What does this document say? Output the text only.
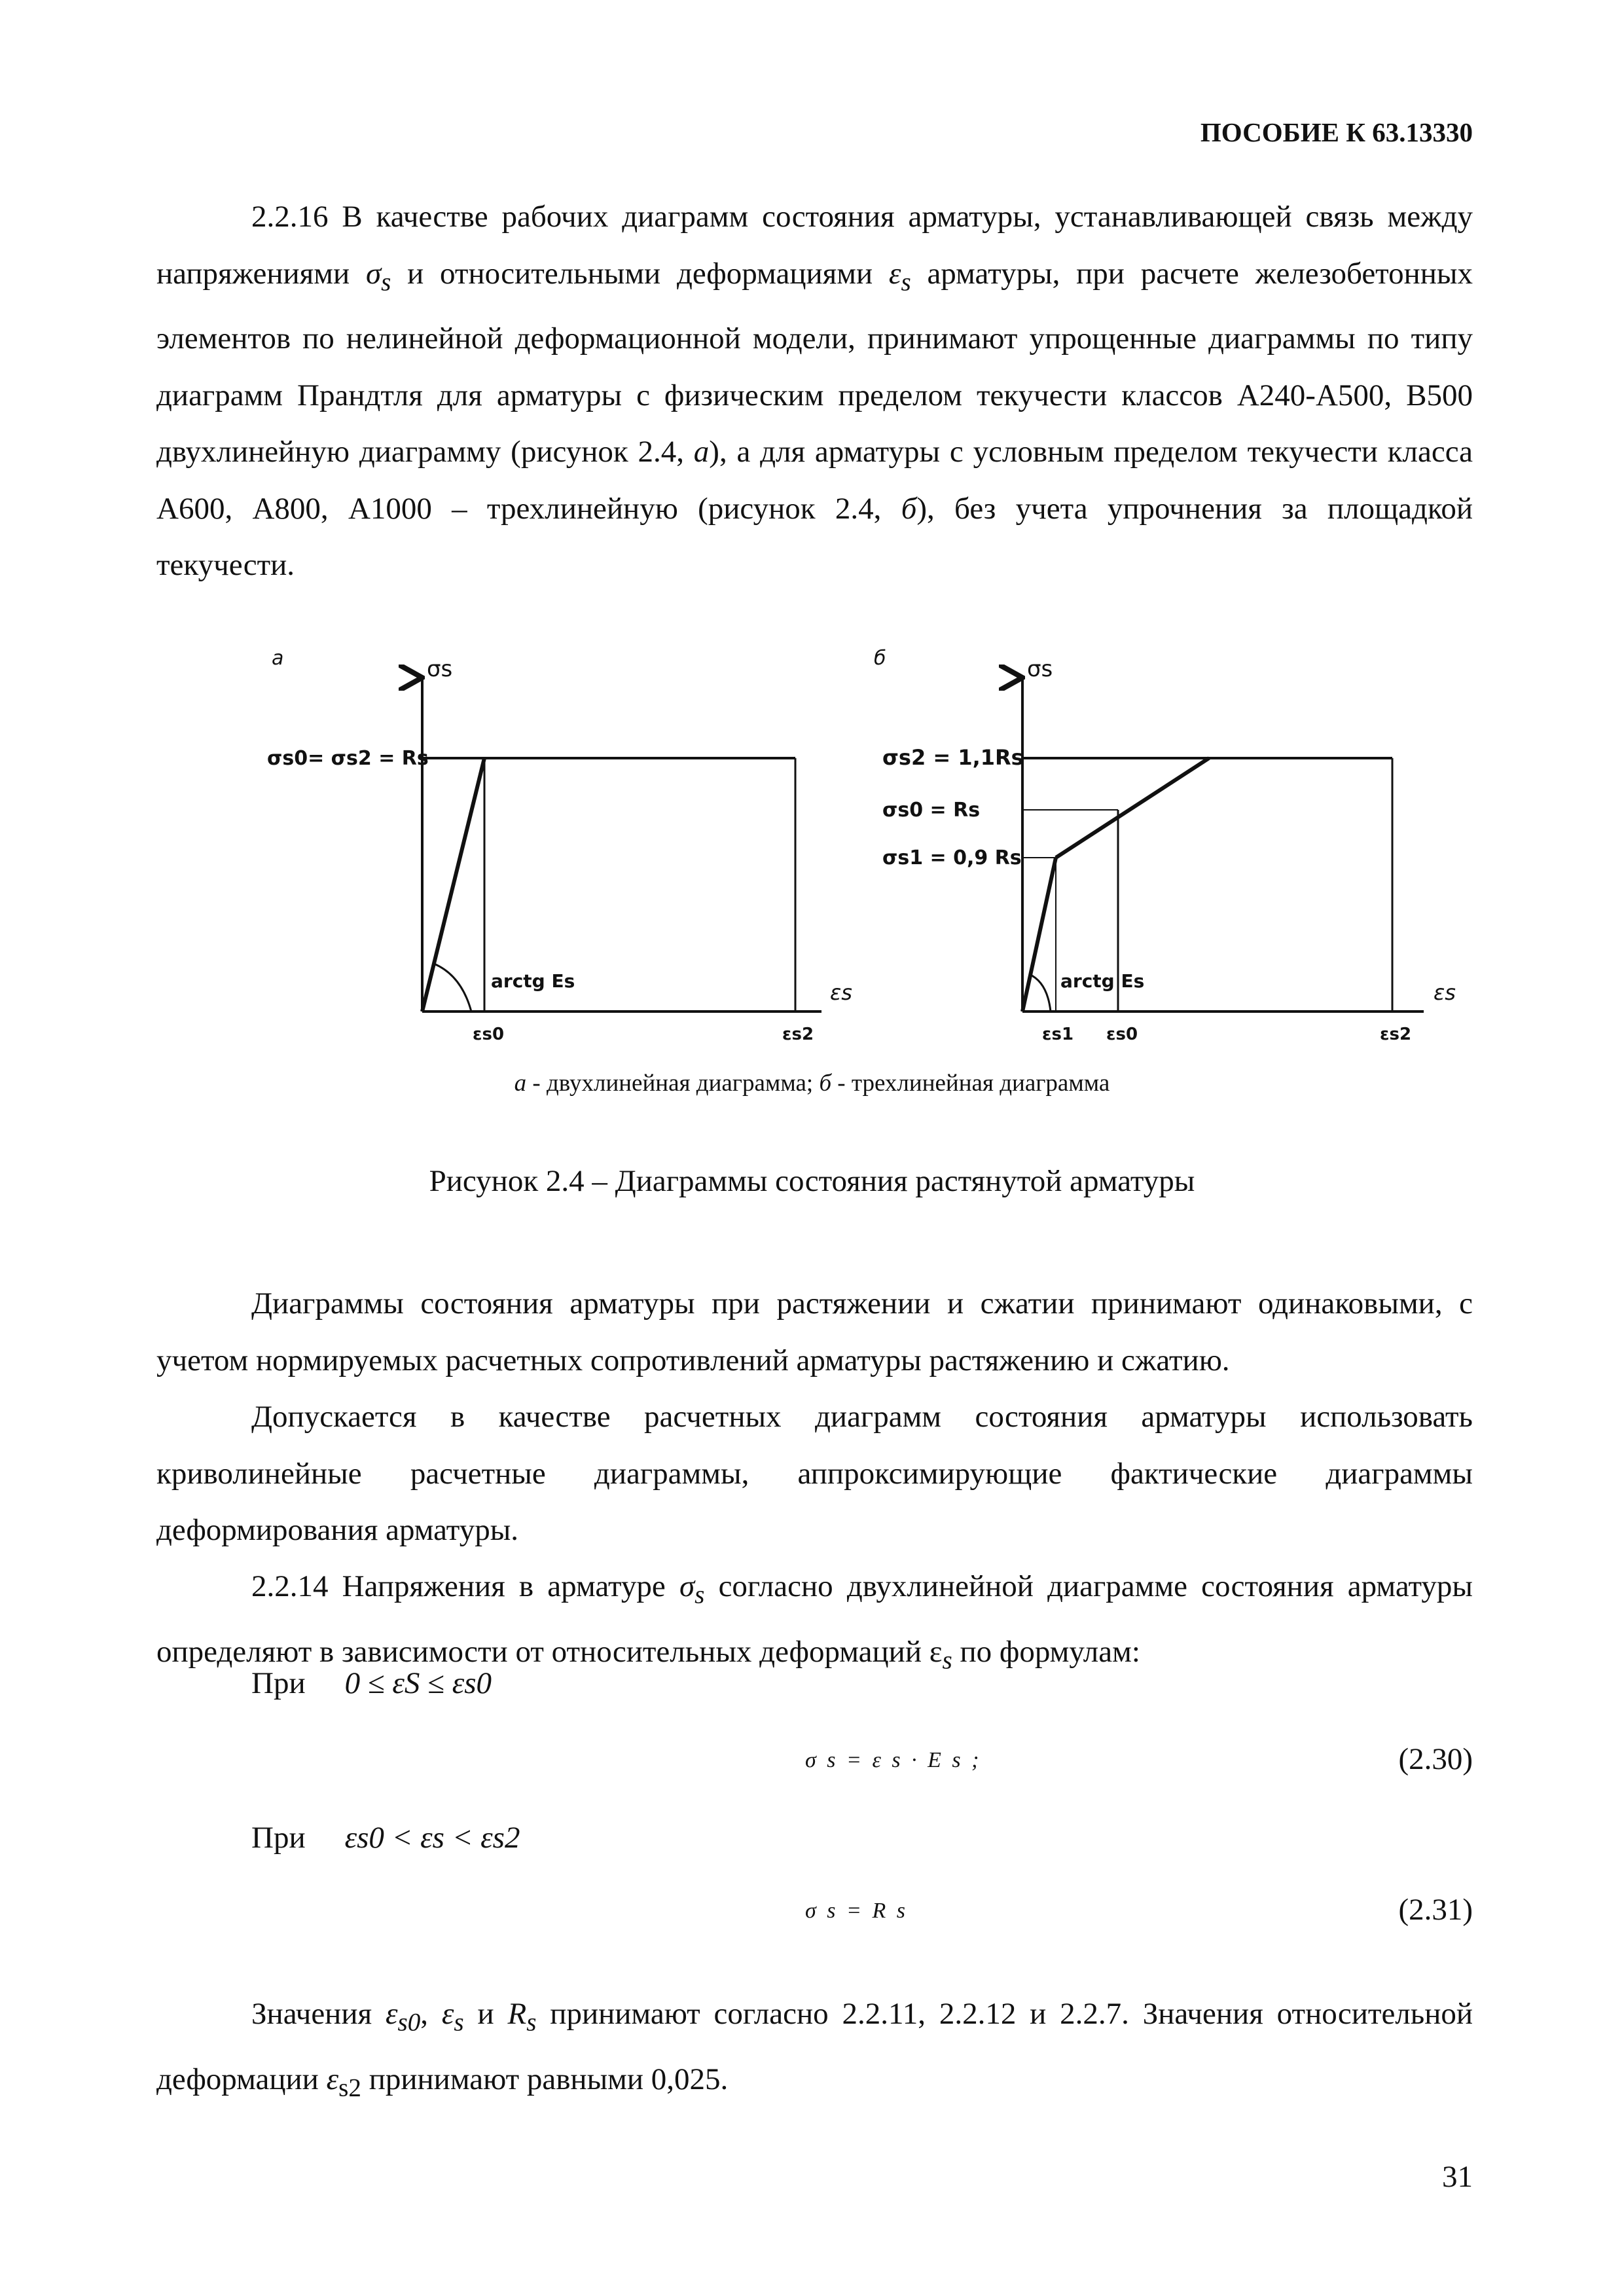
ПОСОБИЕ К 63.13330
2.2.16 В качестве рабочих диаграмм состояния арматуры, устанавливающей связь между напряжениями $\sigma_s$ и относительными деформациями $\varepsilon_s$ арматуры, при расчете железобетонных элементов по нелинейной деформационной модели, принимают упрощенные диаграммы по типу диаграмм Прандтля для арматуры с физическим пределом текучести классов А240-А500, В500 двухлинейную диаграмму (рисунок 2.4, а), а для арматуры с условным пределом текучести класса А600, А800, А1000 – трехлинейную (рисунок 2.4, б), без учета упрочнения за площадкой текучести.
а	σs
εs
σs0= σs2 = Rs
arctg Es
εs0	εs2
б	σs
εs
σs2 = 1,1Rs
σs0 = Rs
σs1 = 0,9 Rs
arctg Es
εs1 εs0	εs2
а - двухлинейная диаграмма; б - трехлинейная диаграмма
Рисунок 2.4 – Диаграммы состояния растянутой арматуры
Диаграммы состояния арматуры при растяжении и сжатии принимают одинаковыми, с учетом нормируемых расчетных сопротивлений арматуры растяжению и сжатию.
Допускается в качестве расчетных диаграмм состояния арматуры использовать криволинейные расчетные диаграммы, аппроксимирующие фактические диаграммы деформирования арматуры.
2.2.14 Напряжения в арматуре $\sigma_s$ согласно двухлинейной диаграмме состояния арматуры определяют в зависимости от относительных деформаций $\varepsilon_s$ по формулам:
При 0 ≤ εS ≤ εs0
σ s = ε s · E s ;	(2.30)
При εs0 < εs < εs2
σ s = R s	(2.31)
Значения $\varepsilon_{s0}$, $\varepsilon_s$ и $R_s$ принимают согласно 2.2.11, 2.2.12 и 2.2.7. Значения относительной деформации $\varepsilon_{s2}$ принимают равными 0,025.
31
